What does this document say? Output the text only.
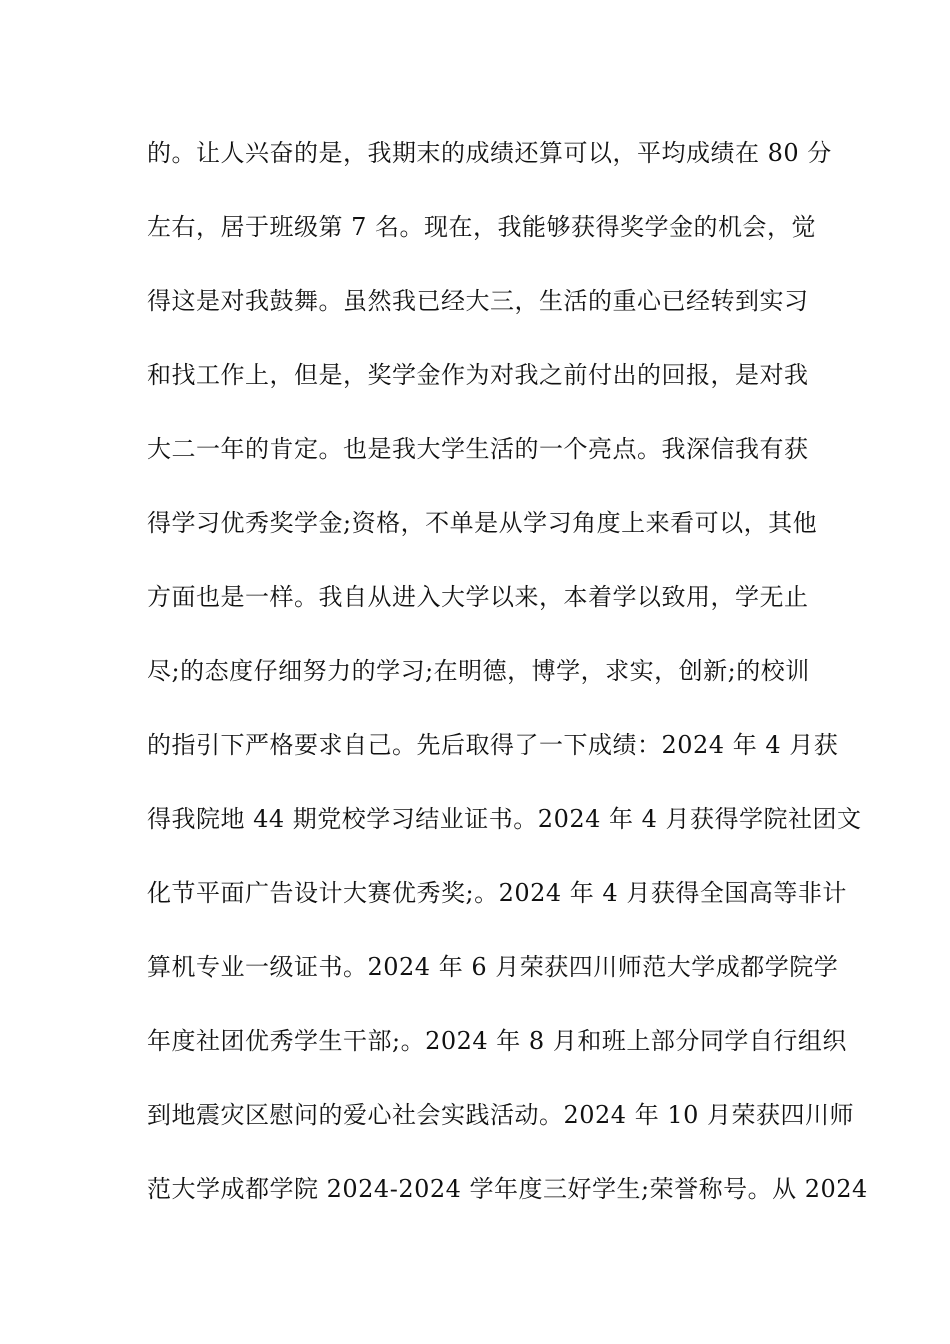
的。让人兴奋的是，我期末的成绩还算可以，平均成绩在 80 分
左右，居于班级第 7 名。现在，我能够获得奖学金的机会，觉
得这是对我鼓舞。虽然我已经大三，生活的重心已经转到实习
和找工作上，但是，奖学金作为对我之前付出的回报，是对我
大二一年的肯定。也是我大学生活的一个亮点。我深信我有获
得学习优秀奖学金;资格，不单是从学习角度上来看可以，其他
方面也是一样。我自从进入大学以来，本着学以致用，学无止
尽;的态度仔细努力的学习;在明德，博学，求实，创新;的校训
的指引下严格要求自己。先后取得了一下成绩：2024 年 4 月获
得我院地 44 期党校学习结业证书。2024 年 4 月获得学院社团文
化节平面广告设计大赛优秀奖;。2024 年 4 月获得全国高等非计
算机专业一级证书。2024 年 6 月荣获四川师范大学成都学院学
年度社团优秀学生干部;。2024 年 8 月和班上部分同学自行组织
到地震灾区慰问的爱心社会实践活动。2024 年 10 月荣获四川师
范大学成都学院 2024-2024 学年度三好学生;荣誉称号。从 2024
